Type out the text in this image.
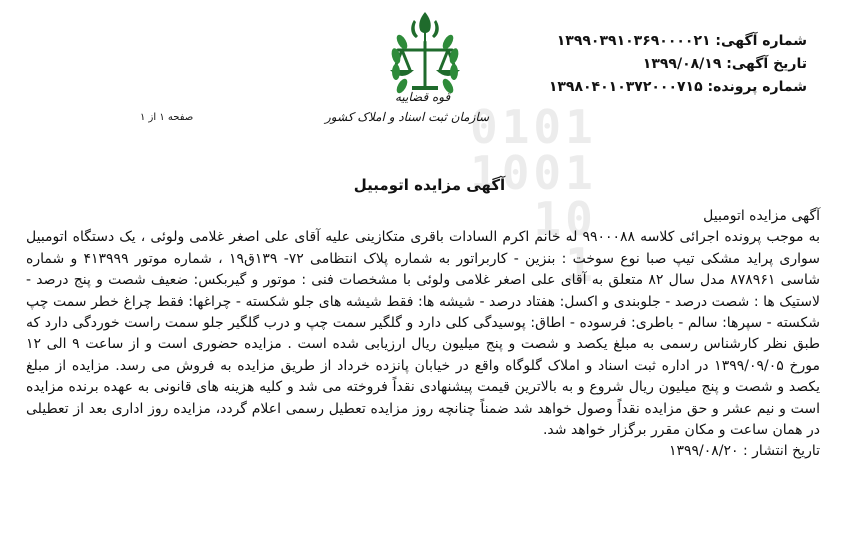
0101
1001
10
1
شماره آگهی: ۱۳۹۹۰۳۹۱۰۳۶۹۰۰۰۰۲۱
تاریخ آگهی: ۱۳۹۹/۰۸/۱۹
شماره پرونده: ۱۳۹۸۰۴۰۱۰۳۷۲۰۰۰۷۱۵
قوه قضاییه
سازمان ثبت اسناد و املاک کشور
صفحه ۱ از ۱
آگهی مزایده اتومبیل

آگهی مزایده اتومبیل

به موجب پرونده اجرائی کلاسه ۹۹۰۰۰۸۸ له خانم اکرم السادات باقری متکازینی علیه آقای علی اصغر غلامی ولوئی ، یک دستگاه اتومبیل سواری پراید مشکی تیپ صبا نوع سوخت : بنزین - کاربراتور به شماره پلاک انتظامی ۷۲- ۱۳۹ق۱۹ ، شماره موتور ۴۱۳۹۹۹ و شماره شاسی ۸۷۸۹۶۱ مدل سال ۸۲ متعلق به آقای علی اصغر غلامی ولوئی با مشخصات فنی : موتور و گیربکس: ضعیف شصت و پنج درصد - لاستیک ها : شصت درصد - جلوبندی و اکسل: هفتاد درصد - شیشه ها: فقط شیشه های جلو شکسته - چراغها: فقط چراغ خطر سمت چپ شکسته - سپرها: سالم - باطری: فرسوده - اطاق: پوسیدگی کلی دارد و گلگیر سمت چپ و درب گلگیر جلو سمت راست خوردگی دارد که طبق نظر کارشناس رسمی به مبلغ یکصد و شصت و پنج میلیون ریال ارزیابی شده است . مزایده حضوری است و از ساعت ۹ الی ۱۲ مورخ ۱۳۹۹/۰۹/۰۵ در اداره ثبت اسناد و املاک گلوگاه واقع در خیابان پانزده خرداد از طریق مزایده به فروش می رسد. مزایده از مبلغ یکصد و شصت و پنج میلیون ریال شروع و به بالاترین قیمت پیشنهادی نقداً فروخته می شد و کلیه هزینه های قانونی به عهده برنده مزایده است و نیم عشر و حق مزایده نقداً وصول خواهد شد ضمناً چنانچه روز مزایده تعطیل رسمی اعلام گردد، مزایده روز اداری بعد از تعطیلی در همان ساعت و مکان مقرر برگزار خواهد شد.

تاریخ انتشار : ۱۳۹۹/۰۸/۲۰
